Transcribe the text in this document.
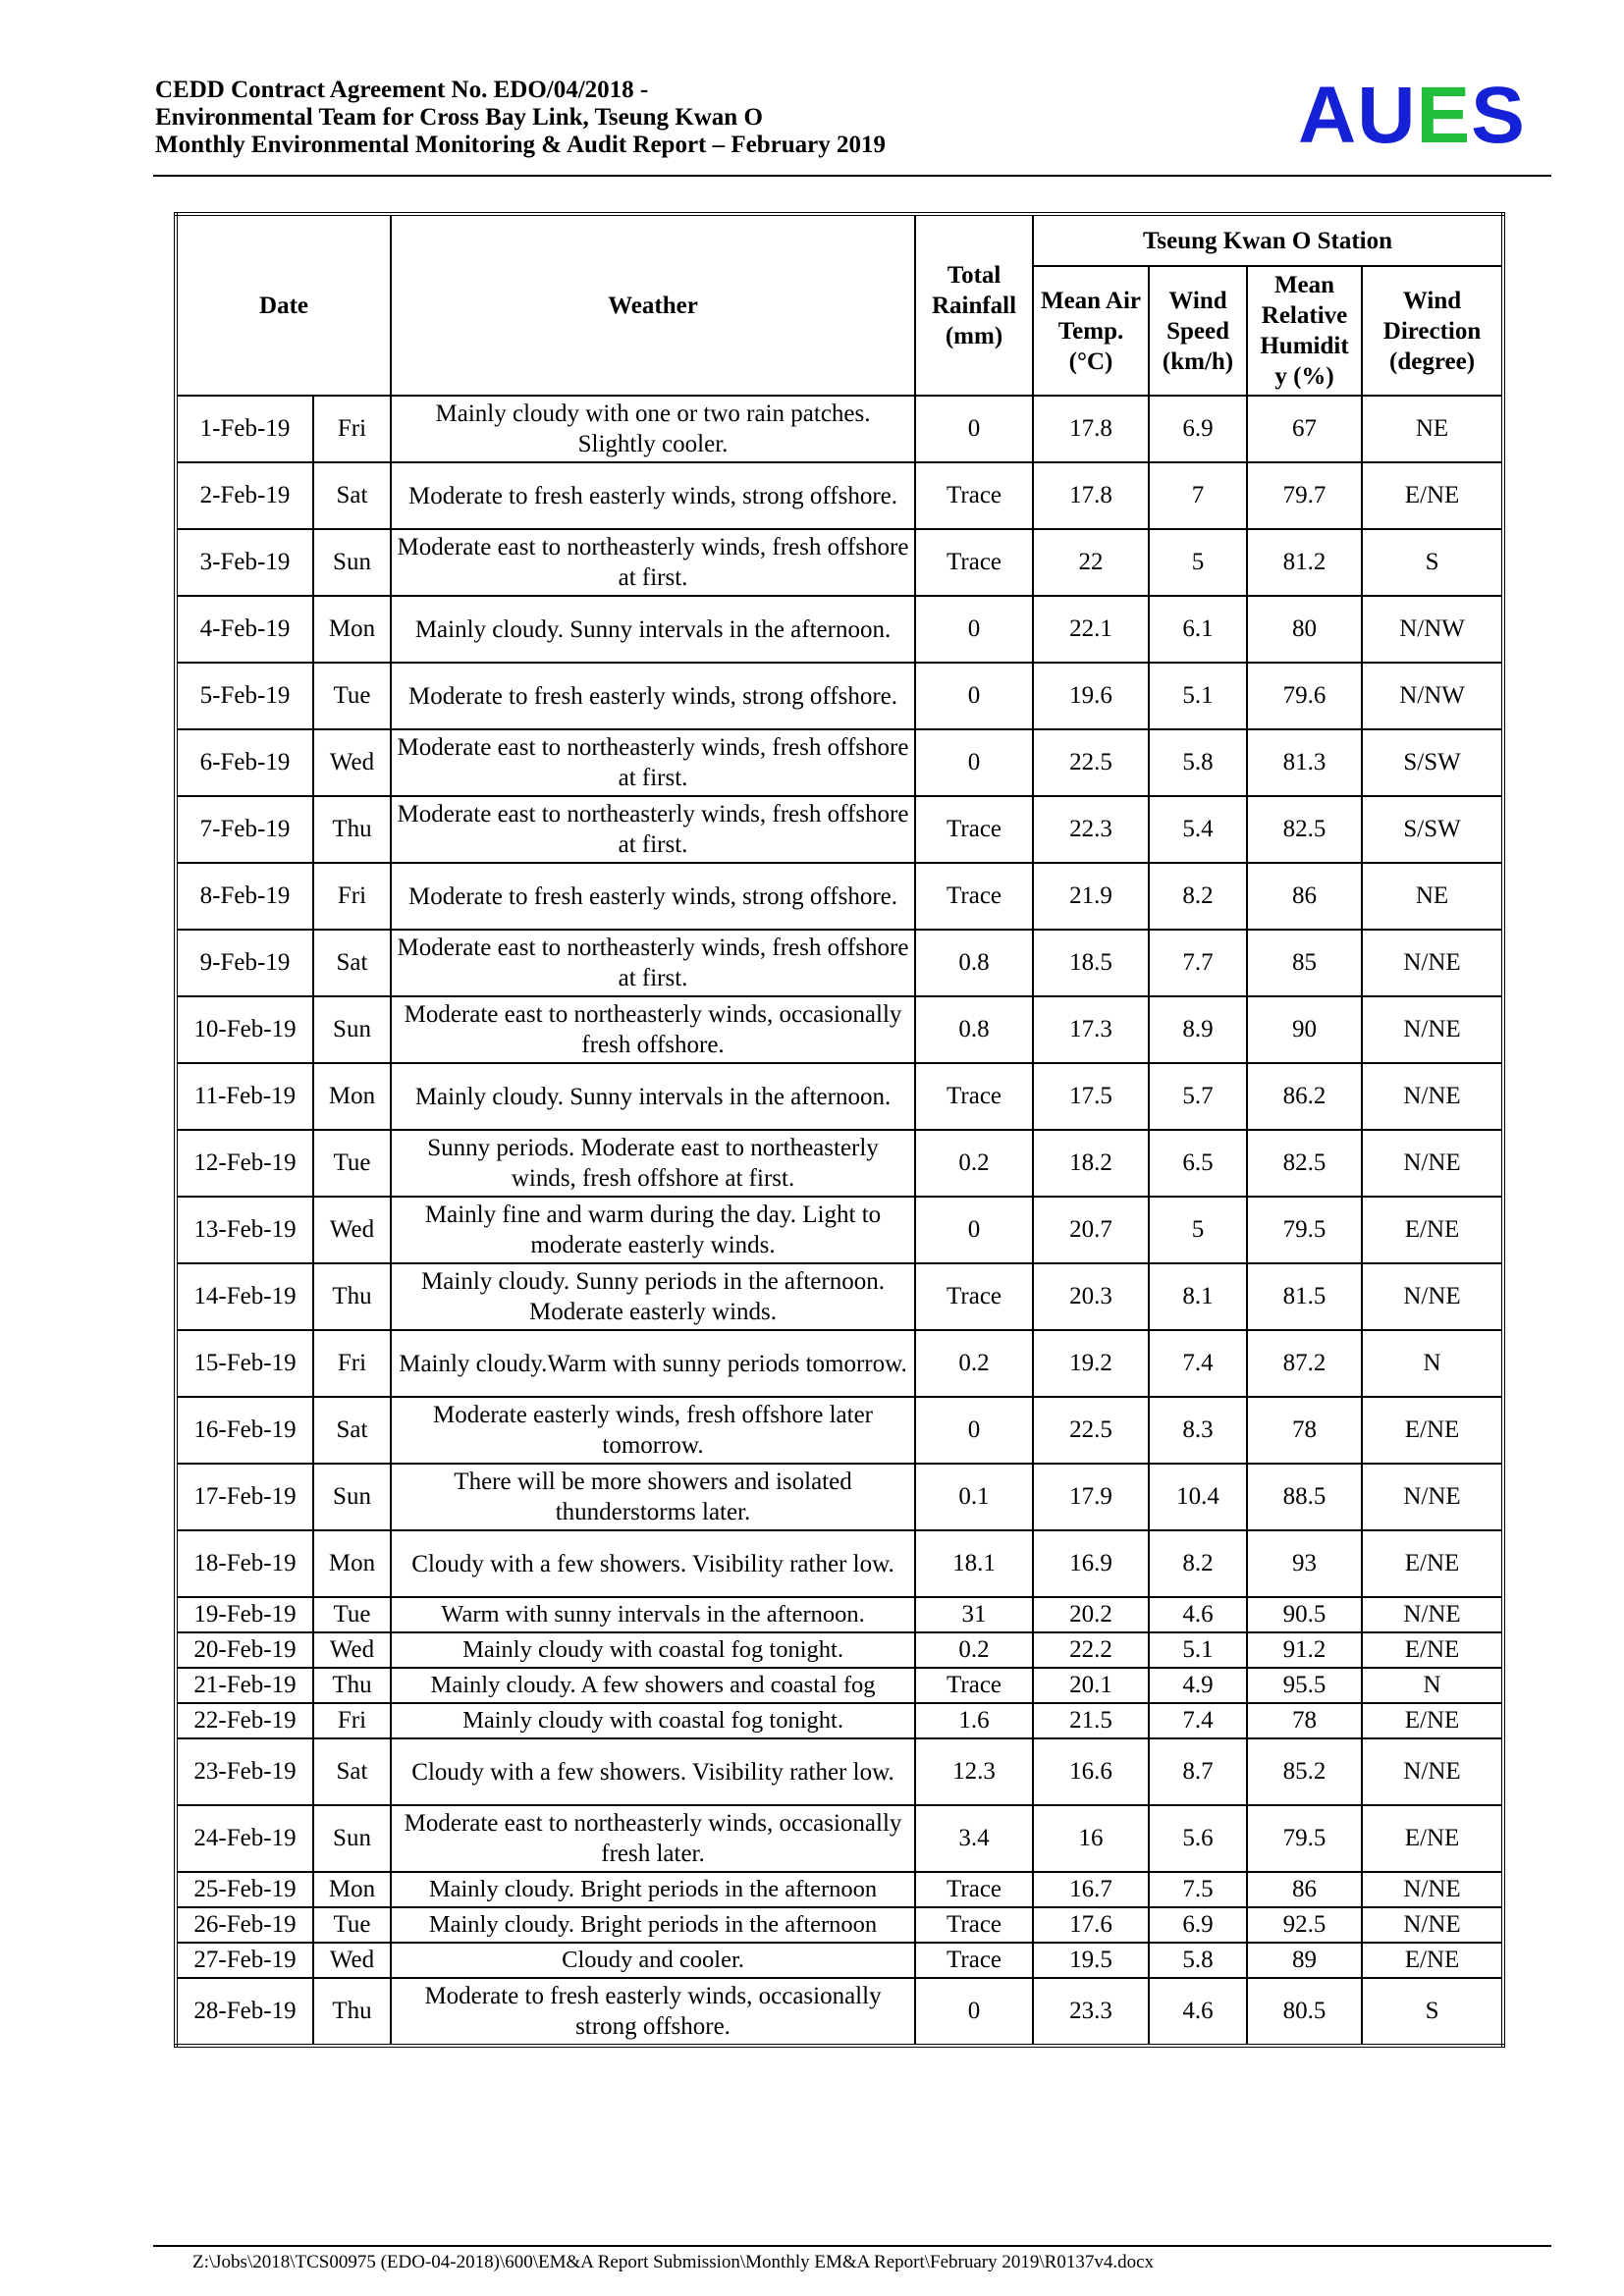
CEDD Contract Agreement No. EDO/04/2018 -
Environmental Team for Cross Bay Link, Tseung Kwan O
Monthly Environmental Monitoring & Audit Report – February 2019	AUES
Date		Weather	Total Rainfall (mm)	Tseung Kwan O Station			
				Mean Air Temp. (°C)	Wind Speed (km/h)	Mean Relative Humidit y (%)	Wind Direction (degree)
1-Feb-19	Fri	Mainly cloudy with one or two rain patches. Slightly cooler.	0	17.8	6.9	67	NE
2-Feb-19	Sat	Moderate to fresh easterly winds, strong offshore.	Trace	17.8	7	79.7	E/NE
3-Feb-19	Sun	Moderate east to northeasterly winds, fresh offshore at first.	Trace	22	5	81.2	S
4-Feb-19	Mon	Mainly cloudy. Sunny intervals in the afternoon.	0	22.1	6.1	80	N/NW
5-Feb-19	Tue	Moderate to fresh easterly winds, strong offshore.	0	19.6	5.1	79.6	N/NW
6-Feb-19	Wed	Moderate east to northeasterly winds, fresh offshore at first.	0	22.5	5.8	81.3	S/SW
7-Feb-19	Thu	Moderate east to northeasterly winds, fresh offshore at first.	Trace	22.3	5.4	82.5	S/SW
8-Feb-19	Fri	Moderate to fresh easterly winds, strong offshore.	Trace	21.9	8.2	86	NE
9-Feb-19	Sat	Moderate east to northeasterly winds, fresh offshore at first.	0.8	18.5	7.7	85	N/NE
10-Feb-19	Sun	Moderate east to northeasterly winds, occasionally fresh offshore.	0.8	17.3	8.9	90	N/NE
11-Feb-19	Mon	Mainly cloudy. Sunny intervals in the afternoon.	Trace	17.5	5.7	86.2	N/NE
12-Feb-19	Tue	Sunny periods. Moderate east to northeasterly winds, fresh offshore at first.	0.2	18.2	6.5	82.5	N/NE
13-Feb-19	Wed	Mainly fine and warm during the day. Light to moderate easterly winds.	0	20.7	5	79.5	E/NE
14-Feb-19	Thu	Mainly cloudy. Sunny periods in the afternoon. Moderate easterly winds.	Trace	20.3	8.1	81.5	N/NE
15-Feb-19	Fri	Mainly cloudy.Warm with sunny periods tomorrow.	0.2	19.2	7.4	87.2	N
16-Feb-19	Sat	Moderate easterly winds, fresh offshore later tomorrow.	0	22.5	8.3	78	E/NE
17-Feb-19	Sun	There will be more showers and isolated thunderstorms later.	0.1	17.9	10.4	88.5	N/NE
18-Feb-19	Mon	Cloudy with a few showers. Visibility rather low.	18.1	16.9	8.2	93	E/NE
19-Feb-19	Tue	Warm with sunny intervals in the afternoon.	31	20.2	4.6	90.5	N/NE
20-Feb-19	Wed	Mainly cloudy with coastal fog tonight.	0.2	22.2	5.1	91.2	E/NE
21-Feb-19	Thu	Mainly cloudy. A few showers and coastal fog	Trace	20.1	4.9	95.5	N
22-Feb-19	Fri	Mainly cloudy with coastal fog tonight.	1.6	21.5	7.4	78	E/NE
23-Feb-19	Sat	Cloudy with a few showers. Visibility rather low.	12.3	16.6	8.7	85.2	N/NE
24-Feb-19	Sun	Moderate east to northeasterly winds, occasionally fresh later.	3.4	16	5.6	79.5	E/NE
25-Feb-19	Mon	Mainly cloudy. Bright periods in the afternoon	Trace	16.7	7.5	86	N/NE
26-Feb-19	Tue	Mainly cloudy. Bright periods in the afternoon	Trace	17.6	6.9	92.5	N/NE
27-Feb-19	Wed	Cloudy and cooler.	Trace	19.5	5.8	89	E/NE
28-Feb-19	Thu	Moderate to fresh easterly winds, occasionally strong offshore.	0	23.3	4.6	80.5	S
Z:\Jobs\2018\TCS00975 (EDO-04-2018)\600\EM&A Report Submission\Monthly EM&A Report\February 2019\R0137v4.docx
